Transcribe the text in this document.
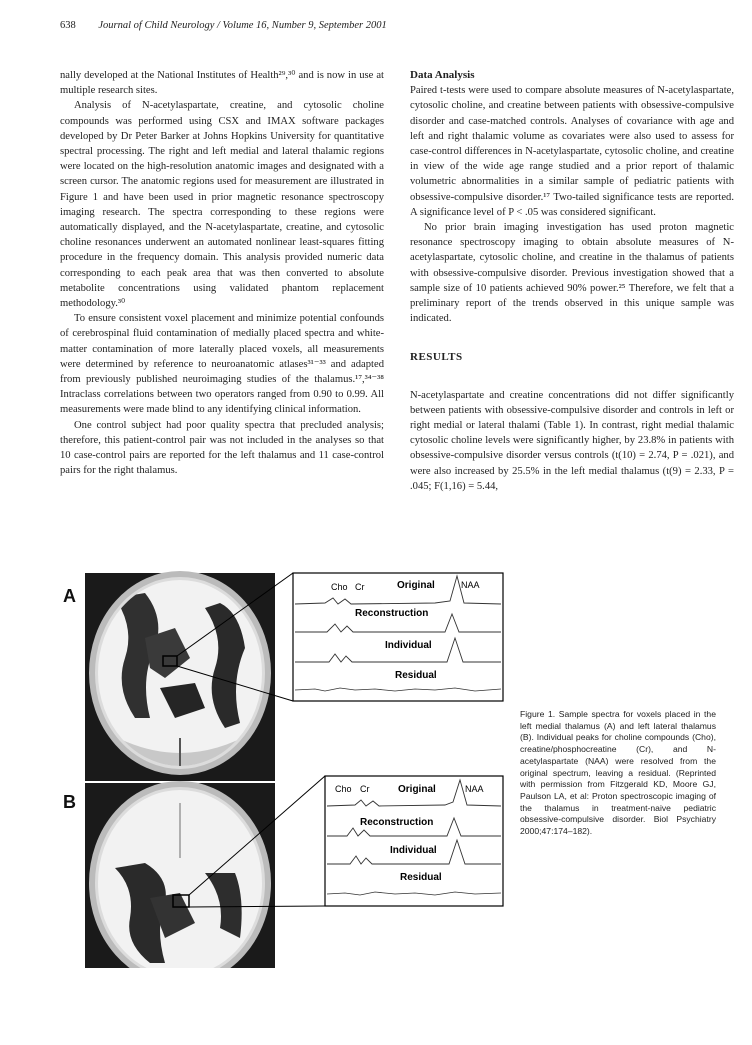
638 Journal of Child Neurology / Volume 16, Number 9, September 2001

nally developed at the National Institutes of Health²⁹,³⁰ and is now in use at multiple research sites.

Analysis of N-acetylaspartate, creatine, and cytosolic choline compounds was performed using CSX and IMAX software packages developed by Dr Peter Barker at Johns Hopkins University for quantitative spectral processing. The right and left medial and lateral thalamic regions were located on the high-resolution anatomic images and designated with a screen cursor. The anatomic regions used for measurement are illustrated in Figure 1 and have been used in prior magnetic resonance spectroscopy imaging research. The spectra corresponding to these regions were automatically displayed, and the N-acetylaspartate, creatine, and cytosolic choline resonances underwent an automated nonlinear least-squares fitting procedure in the frequency domain. This analysis provided numeric data corresponding to each peak area that was then converted to absolute metabolite concentrations using validated phantom replacement methodology.³⁰

To ensure consistent voxel placement and minimize potential confounds of cerebrospinal fluid contamination of medially placed spectra and white-matter contamination of more laterally placed voxels, all measurements were determined by reference to neuroanatomic atlases³¹⁻³³ and adapted from previously published neuroimaging studies of the thalamus.¹⁷,³⁴⁻³⁸ Intraclass correlations between two operators ranged from 0.90 to 0.99. All measurements were made blind to any identifying clinical information.

One control subject had poor quality spectra that precluded analysis; therefore, this patient-control pair was not included in the analyses so that 10 case-control pairs are reported for the left thalamus and 11 case-control pairs for the right thalamus.

Data Analysis

Paired t-tests were used to compare absolute measures of N-acetylaspartate, cytosolic choline, and creatine between patients with obsessive-compulsive disorder and case-matched controls. Analyses of covariance with age and left and right thalamic volume as covariates were also used to assess for case-control differences in N-acetylaspartate, cytosolic choline, and creatine in view of the wide age range studied and a prior report of thalamic volumetric abnormalities in a similar sample of pediatric patients with obsessive-compulsive disorder.¹⁷ Two-tailed significance tests are reported. A significance level of P < .05 was considered significant.

No prior brain imaging investigation has used proton magnetic resonance spectroscopy imaging to obtain absolute measures of N-acetylaspartate, cytosolic choline, and creatine in the thalamus of patients with obsessive-compulsive disorder. Previous investigation showed that a sample size of 10 patients achieved 90% power.²⁵ Therefore, we felt that a preliminary report of the trends observed in this unique sample was indicated.

RESULTS

N-acetylaspartate and creatine concentrations did not differ significantly between patients with obsessive-compulsive disorder and controls in left or right medial or lateral thalami (Table 1). In contrast, right medial thalamic cytosolic choline levels were significantly higher, by 23.8% in patients with obsessive-compulsive disorder versus controls (t(10) = 2.74, P = .021), and were also increased by 25.5% in the left medial thalamus (t(9) = 2.33, P = .045; F(1,16) = 5.44,

A	Cho Cr	Original	NAA
Reconstruction
Individual
Residual
B
Cho Cr	Original	NAA
Reconstruction
Individual
Residual

Figure 1. Sample spectra for voxels placed in the left medial thalamus (A) and left lateral thalamus (B). Individual peaks for choline compounds (Cho), creatine/phosphocreatine (Cr), and N-acetylaspartate (NAA) were resolved from the original spectrum, leaving a residual. (Reprinted with permission from Fitzgerald KD, Moore GJ, Paulson LA, et al: Proton spectroscopic imaging of the thalamus in treatment-naive pediatric obsessive-compulsive disorder. Biol Psychiatry 2000;47:174–182).
